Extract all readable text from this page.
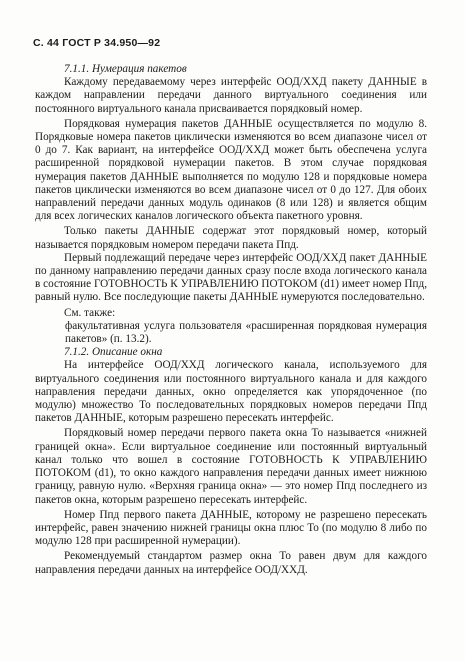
С. 44 ГОСТ Р 34.950—92

7.1.1. Нумерация пакетов

Каждому передаваемому через интерфейс ООД/ХХД пакету ДАННЫЕ в каждом направлении передачи данного виртуального соединения или постоянного виртуального канала присваивается порядковый номер.

Порядковая нумерация пакетов ДАННЫЕ осуществляется по модулю 8. Порядковые номера пакетов циклически изменяются во всем диапазоне чисел от 0 до 7. Как вариант, на интерфейсе ООД/ХХД может быть обеспечена услуга расширенной порядковой нумерации пакетов. В этом случае порядковая нумерация пакетов ДАННЫЕ выполняется по модулю 128 и порядковые номера пакетов циклически изменяются во всем диапазоне чисел от 0 до 127. Для обоих направлений передачи данных модуль одинаков (8 или 128) и является общим для всех логических каналов логического объекта пакетного уровня.

Только пакеты ДАННЫЕ содержат этот порядковый номер, который называется порядковым номером передачи пакета Ппд.

Первый подлежащий передаче через интерфейс ООД/ХХД пакет ДАННЫЕ по данному направлению передачи данных сразу после входа логического канала в состояние ГОТОВНОСТЬ К УПРАВЛЕНИЮ ПОТОКОМ (d1) имеет номер Ппд, равный нулю. Все последующие пакеты ДАННЫЕ нумеруются последовательно.

См. также:

факультативная услуга пользователя «расширенная порядковая нумерация пакетов» (п. 13.2).

7.1.2. Описание окна

На интерфейсе ООД/ХХД логического канала, используемого для виртуального соединения или постоянного виртуального канала и для каждого направления передачи данных, окно определяется как упорядоченное (по модулю) множество То последовательных порядковых номеров передачи Ппд пакетов ДАННЫЕ, которым разрешено пересекать интерфейс.

Порядковый номер передачи первого пакета окна То называется «нижней границей окна». Если виртуальное соединение или постоянный виртуальный канал только что вошел в состояние ГОТОВНОСТЬ К УПРАВЛЕНИЮ ПОТОКОМ (d1), то окно каждого направления передачи данных имеет нижнюю границу, равную нулю. «Верхняя граница окна» — это номер Ппд последнего из пакетов окна, которым разрешено пересекать интерфейс.

Номер Ппд первого пакета ДАННЫЕ, которому не разрешено пересекать интерфейс, равен значению нижней границы окна плюс То (по модулю 8 либо по модулю 128 при расширенной нумерации).

Рекомендуемый стандартом размер окна То равен двум для каждого направления передачи данных на интерфейсе ООД/ХХД.
